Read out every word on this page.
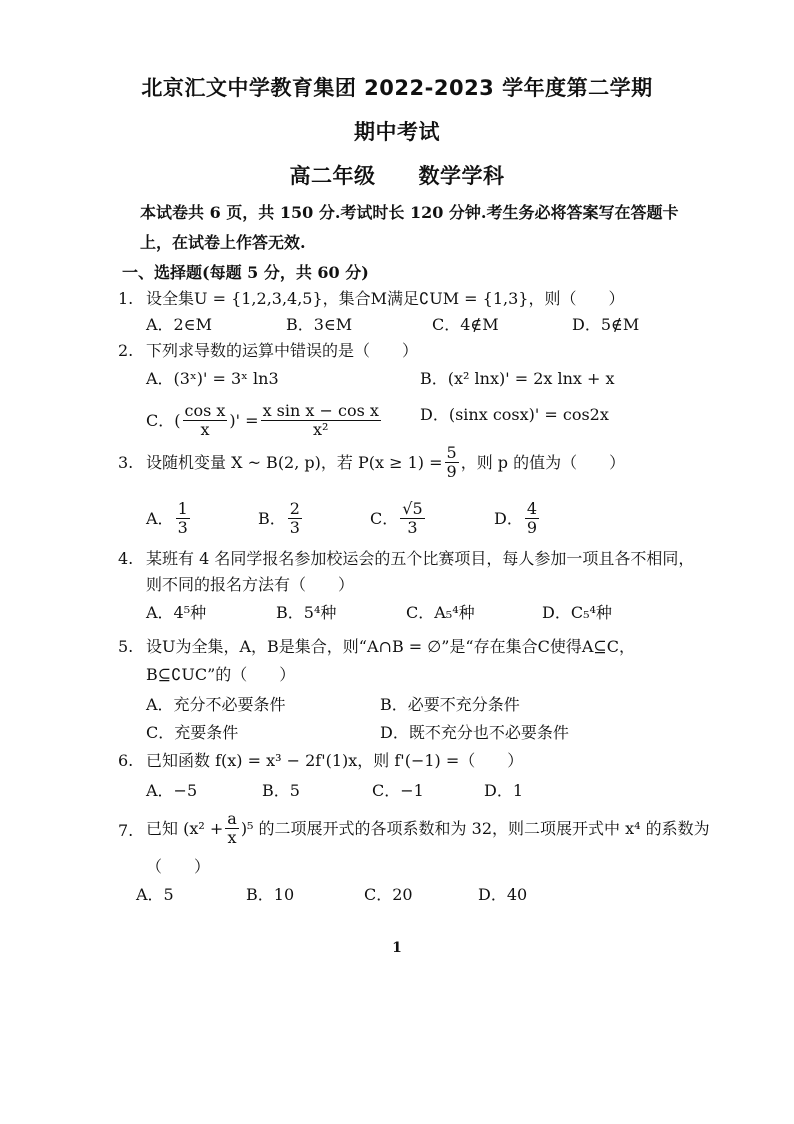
北京汇文中学教育集团 2022-2023 学年度第二学期
期中考试
高二年级　　数学学科
本试卷共 6 页，共 150 分.考试时长 120 分钟.考生务必将答案写在答题卡
上，在试卷上作答无效.
一、选择题(每题 5 分，共 60 分)
1. 设全集U = {1,2,3,4,5}，集合M满足∁UM = {1,3}，则（　　）
A．2∈M	B．3∈M	C．4∉M	D．5∉M
2. 下列求导数的运算中错误的是（　　）
A．(3ˣ)' = 3ˣ ln3	B．(x² lnx)' = 2x lnx + x
C． ( $\frac{\text{cos x}}{x}$ )' = $\frac{\text{x sin x − cos x}}{\text{x²}}$ D．(sinx cosx)' = cos2x
3. 设随机变量 X ~ B(2, p)，若 $P(x \ge 1) = \frac{5}{9}$ ，则 p 的值为（　　）
A． $\frac{1}{3}$	B． $\frac{2}{3}$	C． $\frac{√5}{3}$	D． $\frac{4}{9}$
4. 某班有 4 名同学报名参加校运会的五个比赛项目，每人参加一项且各不相同，
则不同的报名方法有（　　）
A．4⁵种	B．5⁴种	C．A₅⁴种	D．C₅⁴种
5. 设U为全集，A，B是集合，则“A∩B = ∅”是“存在集合C使得A⊆C，
B⊆∁UC”的（　　）
A．充分不必要条件	B．必要不充分条件
C．充要条件	D．既不充分也不必要条件
6. 已知函数 f(x) = x³ − 2f'(1)x，则 f'(−1) =（　　）
A．−5	B．5	C．−1	D．1
7. 已知 $(x^2 + \frac{a}{x} )^5$ 的二项展开式的各项系数和为 32，则二项展开式中 x⁴ 的系数为
（　　）
A．5	B．10	C．20	D．40
1
